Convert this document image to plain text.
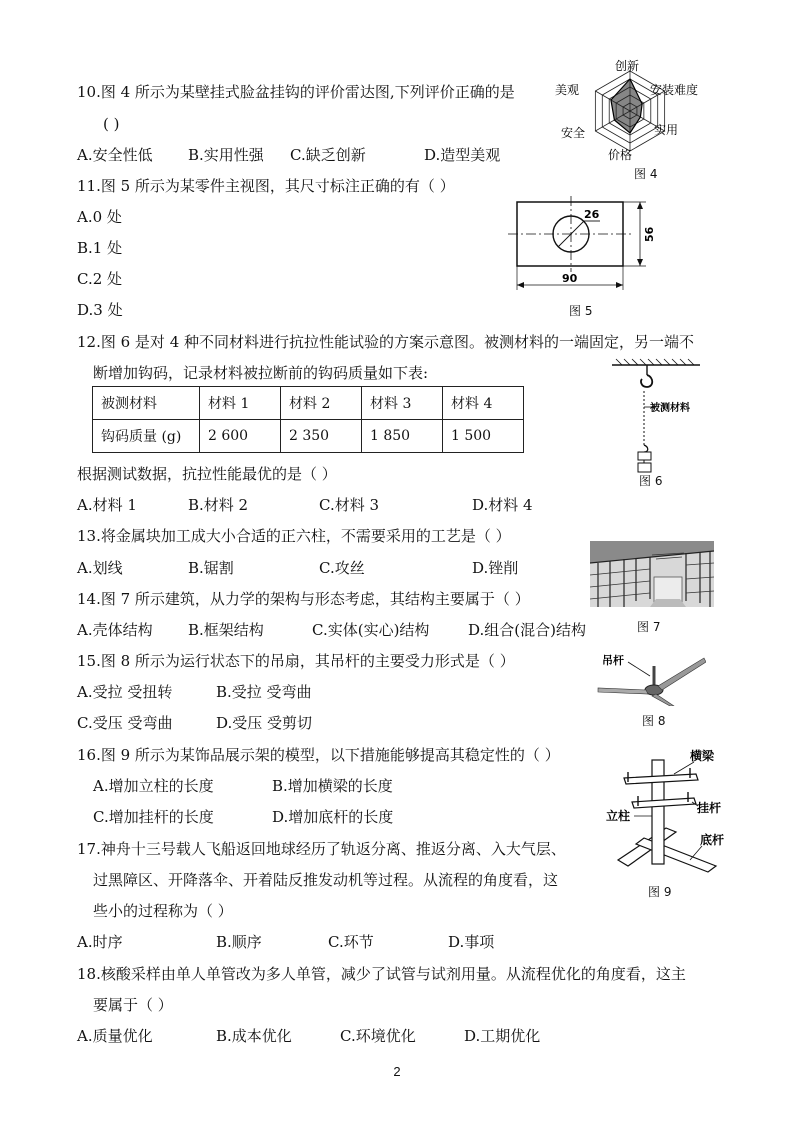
10.图 4 所示为某壁挂式脸盆挂钩的评价雷达图,下列评价正确的是
( )
A.安全性低 B.实用性强 C.缺乏创新	D.造型美观
创新
安装难度
实用
价格
安全
美观
图 4
11.图 5 所示为某零件主视图，其尺寸标注正确的有（ ）
A.0 处
B.1 处
C.2 处
D.3 处
26
56
90
图 5
12.图 6 是对 4 种不同材料进行抗拉性能试验的方案示意图。被测材料的一端固定，另一端不
断增加钩码，记录材料被拉断前的钩码质量如下表:
被测材料	材料 1	材料 2	材料 3	材料 4
钩码质量 (g)	2 600	2 350	1 850	1 500
根据测试数据，抗拉性能最优的是（ ）
A.材料 1	B.材料 2	C.材料 3	D.材料 4
被测材料
图 6
13.将金属块加工成大小合适的正六柱，不需要采用的工艺是（ ）
A.划线	B.锯割	C.攻丝	D.锉削
图 7
14.图 7 所示建筑，从力学的架构与形态考虑，其结构主要属于（ ）
A.壳体结构 B.框架结构	C.实体(实心)结构	D.组合(混合)结构
15.图 8 所示为运行状态下的吊扇，其吊杆的主要受力形式是（ ）
A.受拉 受扭转	B.受拉 受弯曲
C.受压 受弯曲	D.受压 受剪切
吊杆
图 8
16.图 9 所示为某饰品展示架的模型，以下措施能够提高其稳定性的（ ）
A.增加立柱的长度	B.增加横梁的长度
C.增加挂杆的长度	D.增加底杆的长度
横梁
挂杆
立柱
底杆
图 9
17.神舟十三号载人飞船返回地球经历了轨返分离、推返分离、入大气层、
过黑障区、开降落伞、开着陆反推发动机等过程。从流程的角度看，这
些小的过程称为（ ）
A.时序	B.顺序	C.环节	D.事项
18.核酸采样由单人单管改为多人单管，减少了试管与试剂用量。从流程优化的角度看，这主
要属于（ ）
A.质量优化	B.成本优化	C.环境优化	D.工期优化
2
